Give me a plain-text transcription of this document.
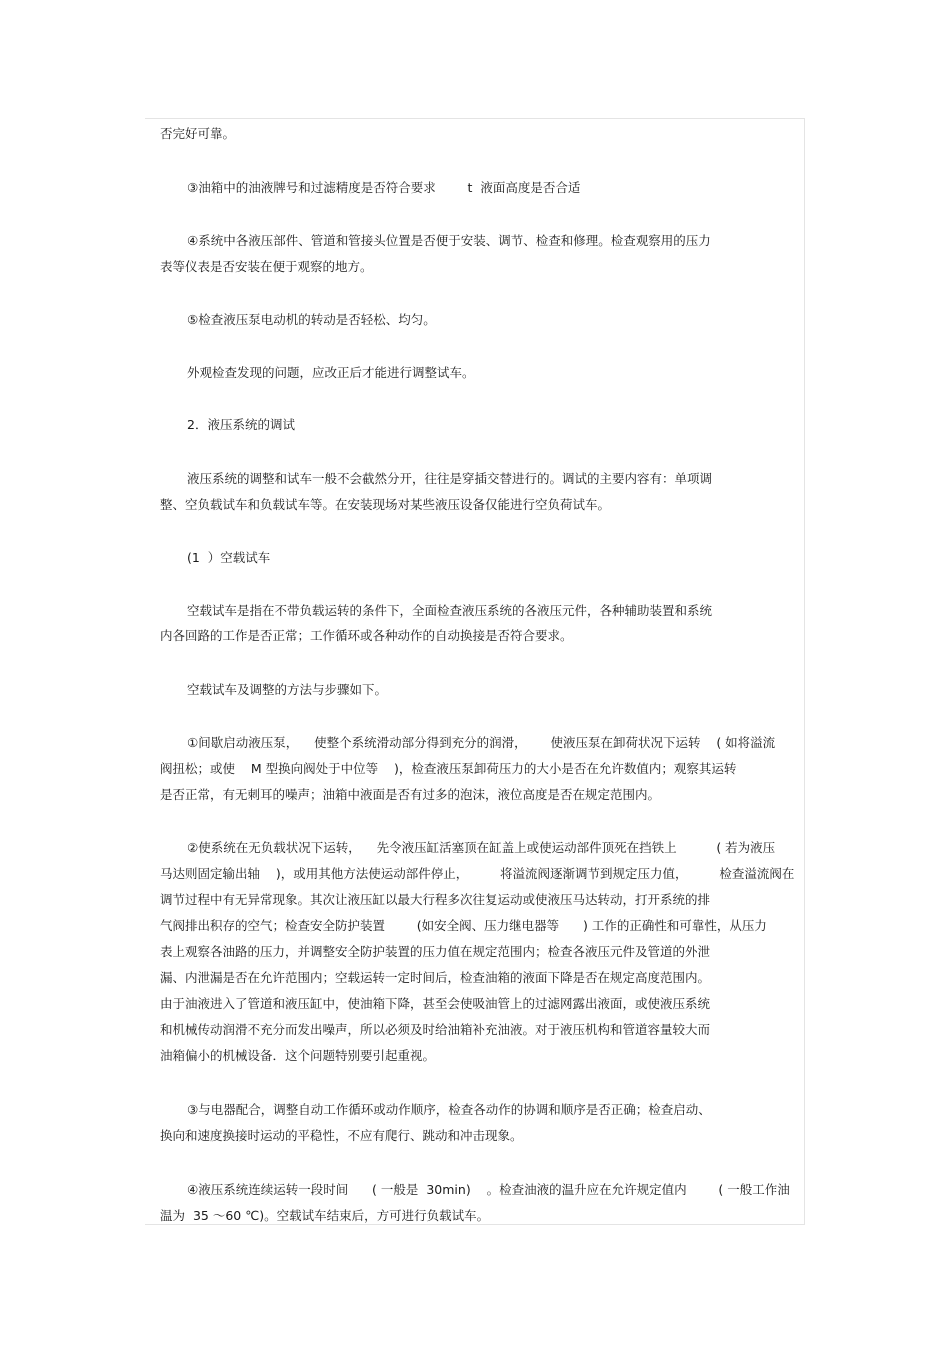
否完好可靠。
③油箱中的油液牌号和过滤精度是否符合要求        t  液面高度是否合适
④系统中各液压部件、管道和管接头位置是否便于安装、调节、检查和修理。检查观察用的压力
表等仪表是否安装在便于观察的地方。
⑤检查液压泵电动机的转动是否轻松、均匀。
外观检查发现的问题，应改正后才能进行调整试车。
2．液压系统的调试
液压系统的调整和试车一般不会截然分开，往往是穿插交替进行的。调试的主要内容有：单项调
整、空负载试车和负载试车等。在安装现场对某些液压设备仅能进行空负荷试车。
(1  ）空载试车
空载试车是指在不带负载运转的条件下，全面检查液压系统的各液压元件，各种辅助装置和系统
内各回路的工作是否正常；工作循环或各种动作的自动换接是否符合要求。
空载试车及调整的方法与步骤如下。
①间歇启动液压泵，    使整个系统滑动部分得到充分的润滑，      使液压泵在卸荷状况下运转    ( 如将溢流
阀扭松；或使    M 型换向阀处于中位等    )，检查液压泵卸荷压力的大小是否在允许数值内；观察其运转
是否正常，有无刺耳的噪声；油箱中液面是否有过多的泡沫，液位高度是否在规定范围内。
②使系统在无负载状况下运转，    先令液压缸活塞顶在缸盖上或使运动部件顶死在挡铁上          ( 若为液压
马达则固定输出轴    )，或用其他方法使运动部件停止，        将溢流阀逐渐调节到规定压力值，        检查溢流阀在
调节过程中有无异常现象。其次让液压缸以最大行程多次往复运动或使液压马达转动，打开系统的排
气阀排出积存的空气；检查安全防护装置        (如安全阀、压力继电器等      ) 工作的正确性和可靠性，从压力
表上观察各油路的压力，并调整安全防护装置的压力值在规定范围内；检查各液压元件及管道的外泄
漏、内泄漏是否在允许范围内；空载运转一定时间后，检查油箱的液面下降是否在规定高度范围内。
由于油液进入了管道和液压缸中，使油箱下降，甚至会使吸油管上的过滤网露出液面，或使液压系统
和机械传动润滑不充分而发出噪声，所以必须及时给油箱补充油液。对于液压机构和管道容量较大而
油箱偏小的机械设备．这个问题特别要引起重视。
③与电器配合，调整自动工作循环或动作顺序，检查各动作的协调和顺序是否正确；检查启动、
换向和速度换接时运动的平稳性，不应有爬行、跳动和冲击现象。
④液压系统连续运转一段时间      ( 一般是  30min)    。检查油液的温升应在允许规定值内        ( 一般工作油
温为  35 ～60 ℃)。空载试车结束后，方可进行负载试车。
